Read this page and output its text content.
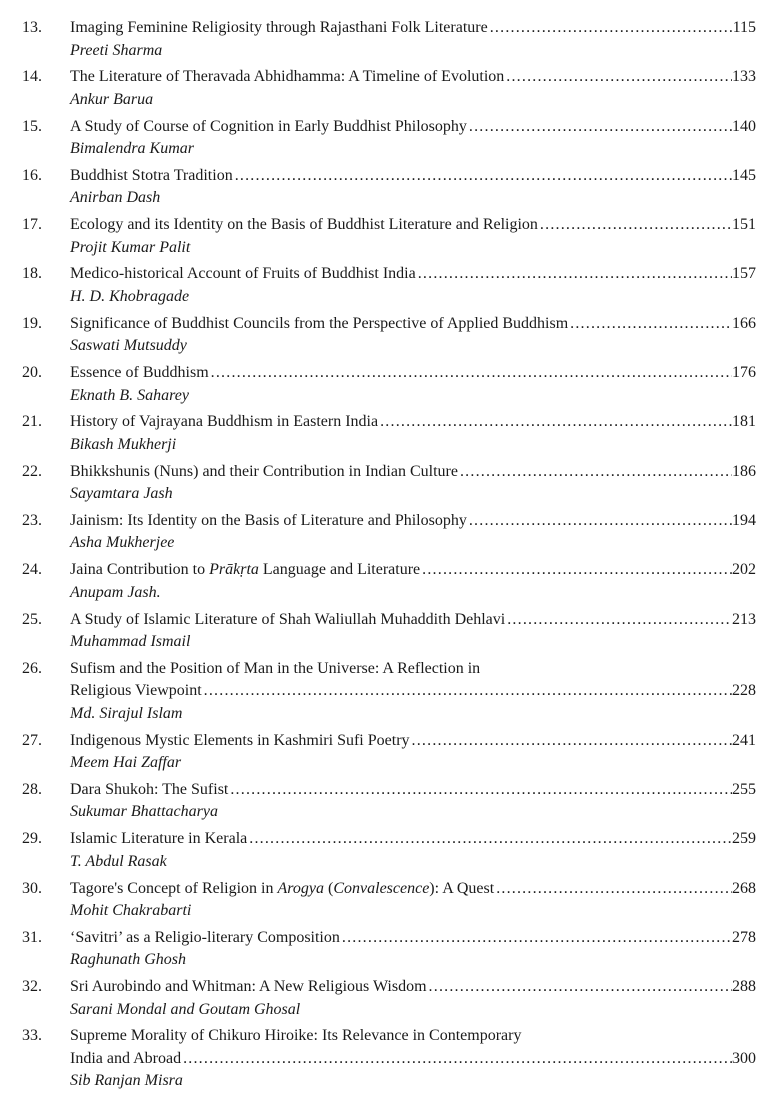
13.	Imaging Feminine Religiosity through Rajasthani Folk Literature .....	115
Preeti Sharma
14.	The Literature of Theravada Abhidhamma: A Timeline of Evolution .....	133
Ankur Barua
15.	A Study of Course of Cognition in Early Buddhist Philosophy .....	140
Bimalendra Kumar
16.	Buddhist Stotra Tradition .....	145
Anirban Dash
17.	Ecology and its Identity on the Basis of Buddhist Literature and Religion .....	151
Projit Kumar Palit
18.	Medico-historical Account of Fruits of Buddhist India .....	157
H. D. Khobragade
19.	Significance of Buddhist Councils from the Perspective of Applied Buddhism .....	166
Saswati Mutsuddy
20.	Essence of Buddhism .....	176
Eknath B. Saharey
21.	History of Vajrayana Buddhism in Eastern India .....	181
Bikash Mukherji
22.	Bhikkshunis (Nuns) and their Contribution in Indian Culture .....	186
Sayamtara Jash
23.	Jainism: Its Identity on the Basis of Literature and Philosophy .....	194
Asha Mukherjee
24.	Jaina Contribution to Prākṛta Language and Literature .....	202
Anupam Jash.
25.	A Study of Islamic Literature of Shah Waliullah Muhaddith Dehlavi .....	213
Muhammad Ismail
26.	Sufism and the Position of Man in the Universe: A Reflection in
Religious Viewpoint .....	228
Md. Sirajul Islam
27.	Indigenous Mystic Elements in Kashmiri Sufi Poetry .....	241
Meem Hai Zaffar
28.	Dara Shukoh: The Sufist .....	255
Sukumar Bhattacharya
29.	Islamic Literature in Kerala .....	259
T. Abdul Rasak
30.	Tagore's Concept of Religion in Arogya (Convalescence): A Quest .....	268
Mohit Chakrabarti
31.	‘Savitri’ as a Religio-literary Composition .....	278
Raghunath Ghosh
32.	Sri Aurobindo and Whitman: A New Religious Wisdom .....	288
Sarani Mondal and Goutam Ghosal
33.	Supreme Morality of Chikuro Hiroike: Its Relevance in Contemporary
India and Abroad .....	300
Sib Ranjan Misra
